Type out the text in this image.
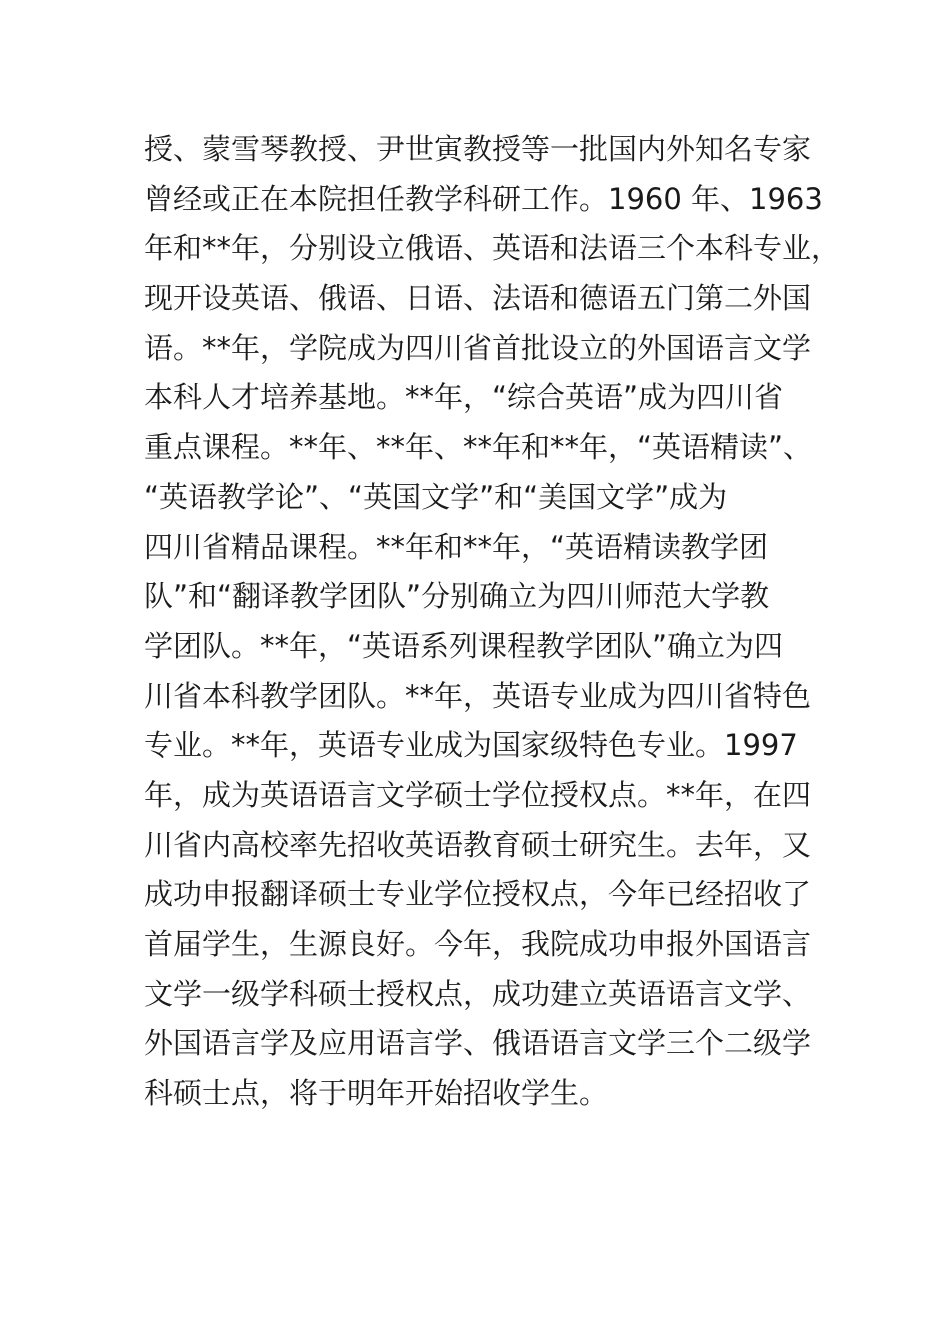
授、蒙雪琴教授、尹世寅教授等一批国内外知名专家
曾经或正在本院担任教学科研工作。1960 年、1963
年和**年，分别设立俄语、英语和法语三个本科专业，
现开设英语、俄语、日语、法语和德语五门第二外国
语。**年，学院成为四川省首批设立的外国语言文学
本科人才培养基地。**年，“综合英语”成为四川省
重点课程。**年、**年、**年和**年，“英语精读”、
“英语教学论”、“英国文学”和“美国文学”成为
四川省精品课程。**年和**年，“英语精读教学团
队”和“翻译教学团队”分别确立为四川师范大学教
学团队。**年，“英语系列课程教学团队”确立为四
川省本科教学团队。**年，英语专业成为四川省特色
专业。**年，英语专业成为国家级特色专业。1997
年，成为英语语言文学硕士学位授权点。**年，在四
川省内高校率先招收英语教育硕士研究生。去年，又
成功申报翻译硕士专业学位授权点，今年已经招收了
首届学生，生源良好。今年，我院成功申报外国语言
文学一级学科硕士授权点，成功建立英语语言文学、
外国语言学及应用语言学、俄语语言文学三个二级学
科硕士点，将于明年开始招收学生。
